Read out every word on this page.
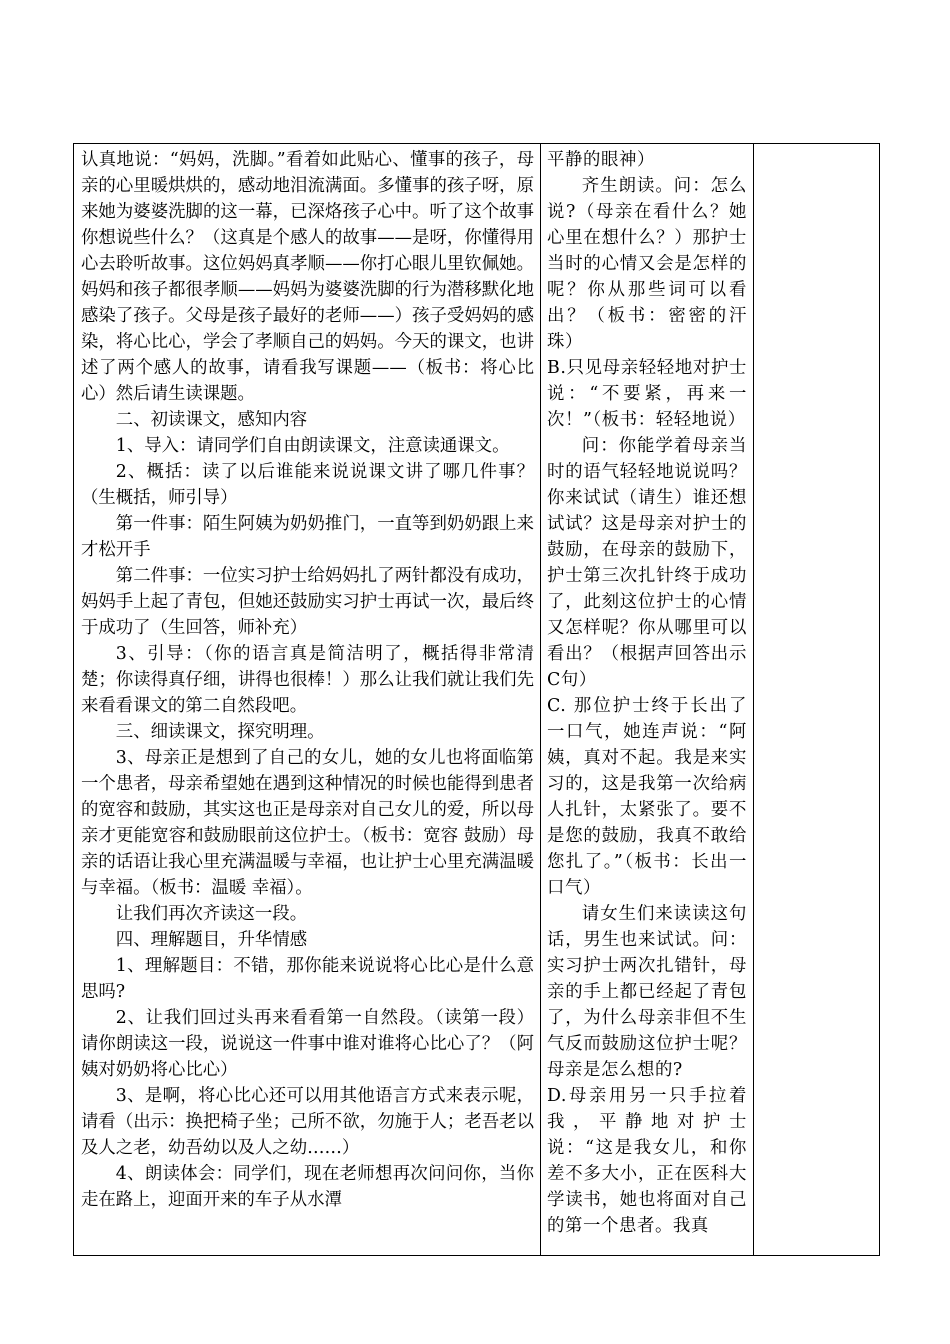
认真地说：“妈妈，洗脚。”看着如此贴心、懂事的孩子，母亲的心里暖烘烘的，感动地泪流满面。多懂事的孩子呀，原来她为婆婆洗脚的这一幕，已深烙孩子心中。听了这个故事你想说些什么？（这真是个感人的故事——是呀，你懂得用心去聆听故事。这位妈妈真孝顺——你打心眼儿里钦佩她。妈妈和孩子都很孝顺——妈妈为婆婆洗脚的行为潜移默化地感染了孩子。父母是孩子最好的老师——）孩子受妈妈的感染，将心比心，学会了孝顺自己的妈妈。今天的课文，也讲述了两个感人的故事，请看我写课题——（板书：将心比心）然后请生读课题。

二、初读课文，感知内容

1、导入：请同学们自由朗读课文，注意读通课文。

2、概括：读了以后谁能来说说课文讲了哪几件事？（生概括，师引导）

第一件事：陌生阿姨为奶奶推门，一直等到奶奶跟上来才松开手

第二件事：一位实习护士给妈妈扎了两针都没有成功，妈妈手上起了青包，但她还鼓励实习护士再试一次，最后终于成功了（生回答，师补充）

3、引导：（你的语言真是简洁明了，概括得非常清楚；你读得真仔细，讲得也很棒！）那么让我们就让我们先来看看课文的第二自然段吧。

三、细读课文，探究明理。

3、母亲正是想到了自己的女儿，她的女儿也将面临第一个患者，母亲希望她在遇到这种情况的时候也能得到患者的宽容和鼓励，其实这也正是母亲对自己女儿的爱，所以母亲才更能宽容和鼓励眼前这位护士。（板书：宽容 鼓励）母亲的话语让我心里充满温暖与幸福，也让护士心里充满温暖与幸福。（板书：温暖 幸福）。

让我们再次齐读这一段。

四、理解题目，升华情感

1、理解题目：不错，那你能来说说将心比心是什么意思吗?

2、让我们回过头再来看看第一自然段。（读第一段）请你朗读这一段，说说这一件事中谁对谁将心比心了？（阿姨对奶奶将心比心）

3、是啊，将心比心还可以用其他语言方式来表示呢，请看（出示：换把椅子坐；己所不欲，勿施于人；老吾老以及人之老，幼吾幼以及人之幼……）

4、朗读体会：同学们，现在老师想再次问问你，当你走在路上，迎面开来的车子从水潭

平静的眼神）

齐生朗读。问：怎么说?（母亲在看什么？她心里在想什么？）那护士当时的心情又会是怎样的呢？你从那些词可以看出？（板书：密密的汗珠）

B.只见母亲轻轻地对护士说：“不要紧，再来一次！”（板书：轻轻地说）

问：你能学着母亲当时的语气轻轻地说说吗？你来试试（请生）谁还想试试？这是母亲对护士的鼓励，在母亲的鼓励下，护士第三次扎针终于成功了，此刻这位护士的心情又怎样呢？你从哪里可以看出？（根据声回答出示C句）

C. 那位护士终于长出了一口气，她连声说：“阿姨，真对不起。我是来实习的，这是我第一次给病人扎针，太紧张了。要不是您的鼓励，我真不敢给您扎了。”（板书：长出一口气）

请女生们来读读这句话，男生也来试试。问：实习护士两次扎错针，母亲的手上都已经起了青包了，为什么母亲非但不生气反而鼓励这位护士呢？母亲是怎么想的?

D.母亲用另一只手拉着我，平静地对护士说：“这是我女儿，和你差不多大小，正在医科大学读书，她也将面对自己的第一个患者。我真
